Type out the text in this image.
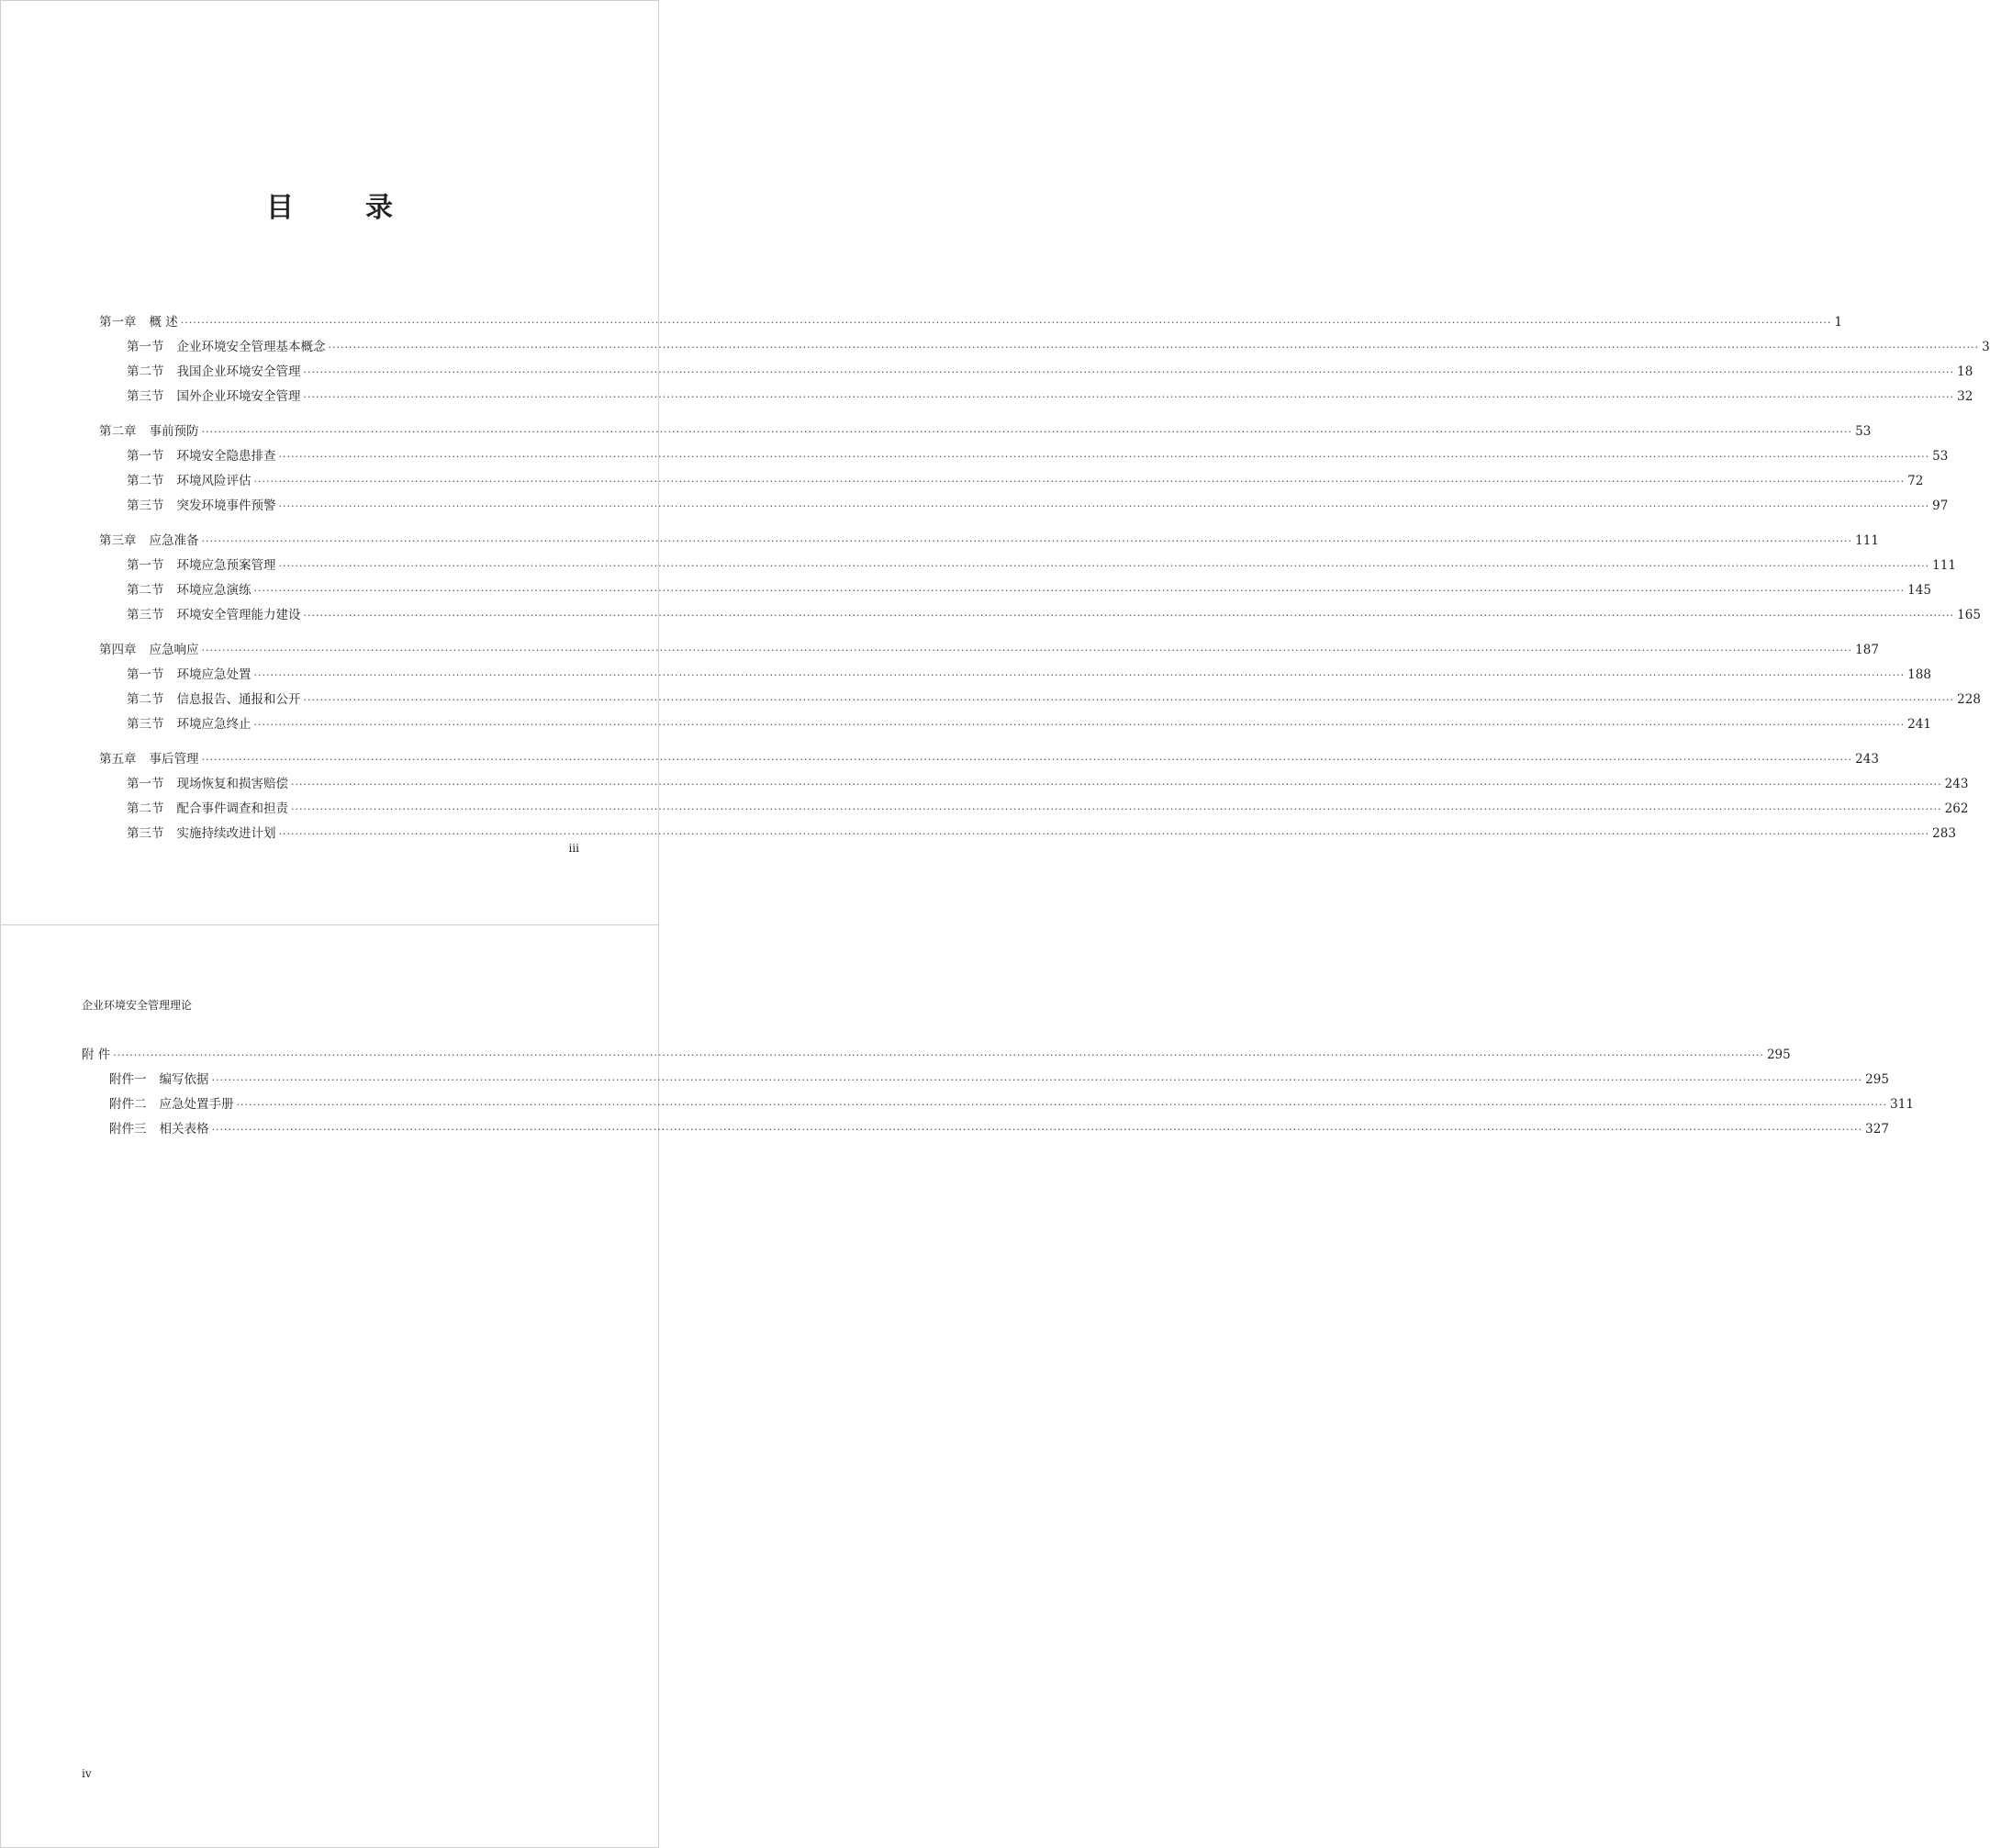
目　录
第一章 概 述 ················································································································································································································································································································································································································ 1
第一节 企业环境安全管理基本概念 ················································································································································································································································································································································································································ 3
第二节 我国企业环境安全管理 ················································································································································································································································································································································································································ 18
第三节 国外企业环境安全管理 ················································································································································································································································································································································································································ 32
第二章 事前预防 ················································································································································································································································································································································································································ 53
第一节 环境安全隐患排查 ················································································································································································································································································································································································································ 53
第二节 环境风险评估 ················································································································································································································································································································································································································ 72
第三节 突发环境事件预警 ················································································································································································································································································································································································································ 97
第三章 应急准备 ················································································································································································································································································································································································································ 111
第一节 环境应急预案管理 ················································································································································································································································································································································································································ 111
第二节 环境应急演练 ················································································································································································································································································································································································································ 145
第三节 环境安全管理能力建设 ················································································································································································································································································································································································································ 165
第四章 应急响应 ················································································································································································································································································································································································································ 187
第一节 环境应急处置 ················································································································································································································································································································································································································ 188
第二节 信息报告、通报和公开 ················································································································································································································································································································································································································ 228
第三节 环境应急终止 ················································································································································································································································································································································································································ 241
第五章 事后管理 ················································································································································································································································································································································································································ 243
第一节 现场恢复和损害赔偿 ················································································································································································································································································································································································································ 243
第二节 配合事件调查和担责 ················································································································································································································································································································································································································ 262
第三节 实施持续改进计划 ················································································································································································································································································································································································································ 283
iii
企业环境安全管理理论
附 件 ················································································································································································································································································································································································································ 295
附件一 编写依据 ················································································································································································································································································································································································································ 295
附件二 应急处置手册 ················································································································································································································································································································································································································ 311
附件三 相关表格 ················································································································································································································································································································································································································ 327
iv
